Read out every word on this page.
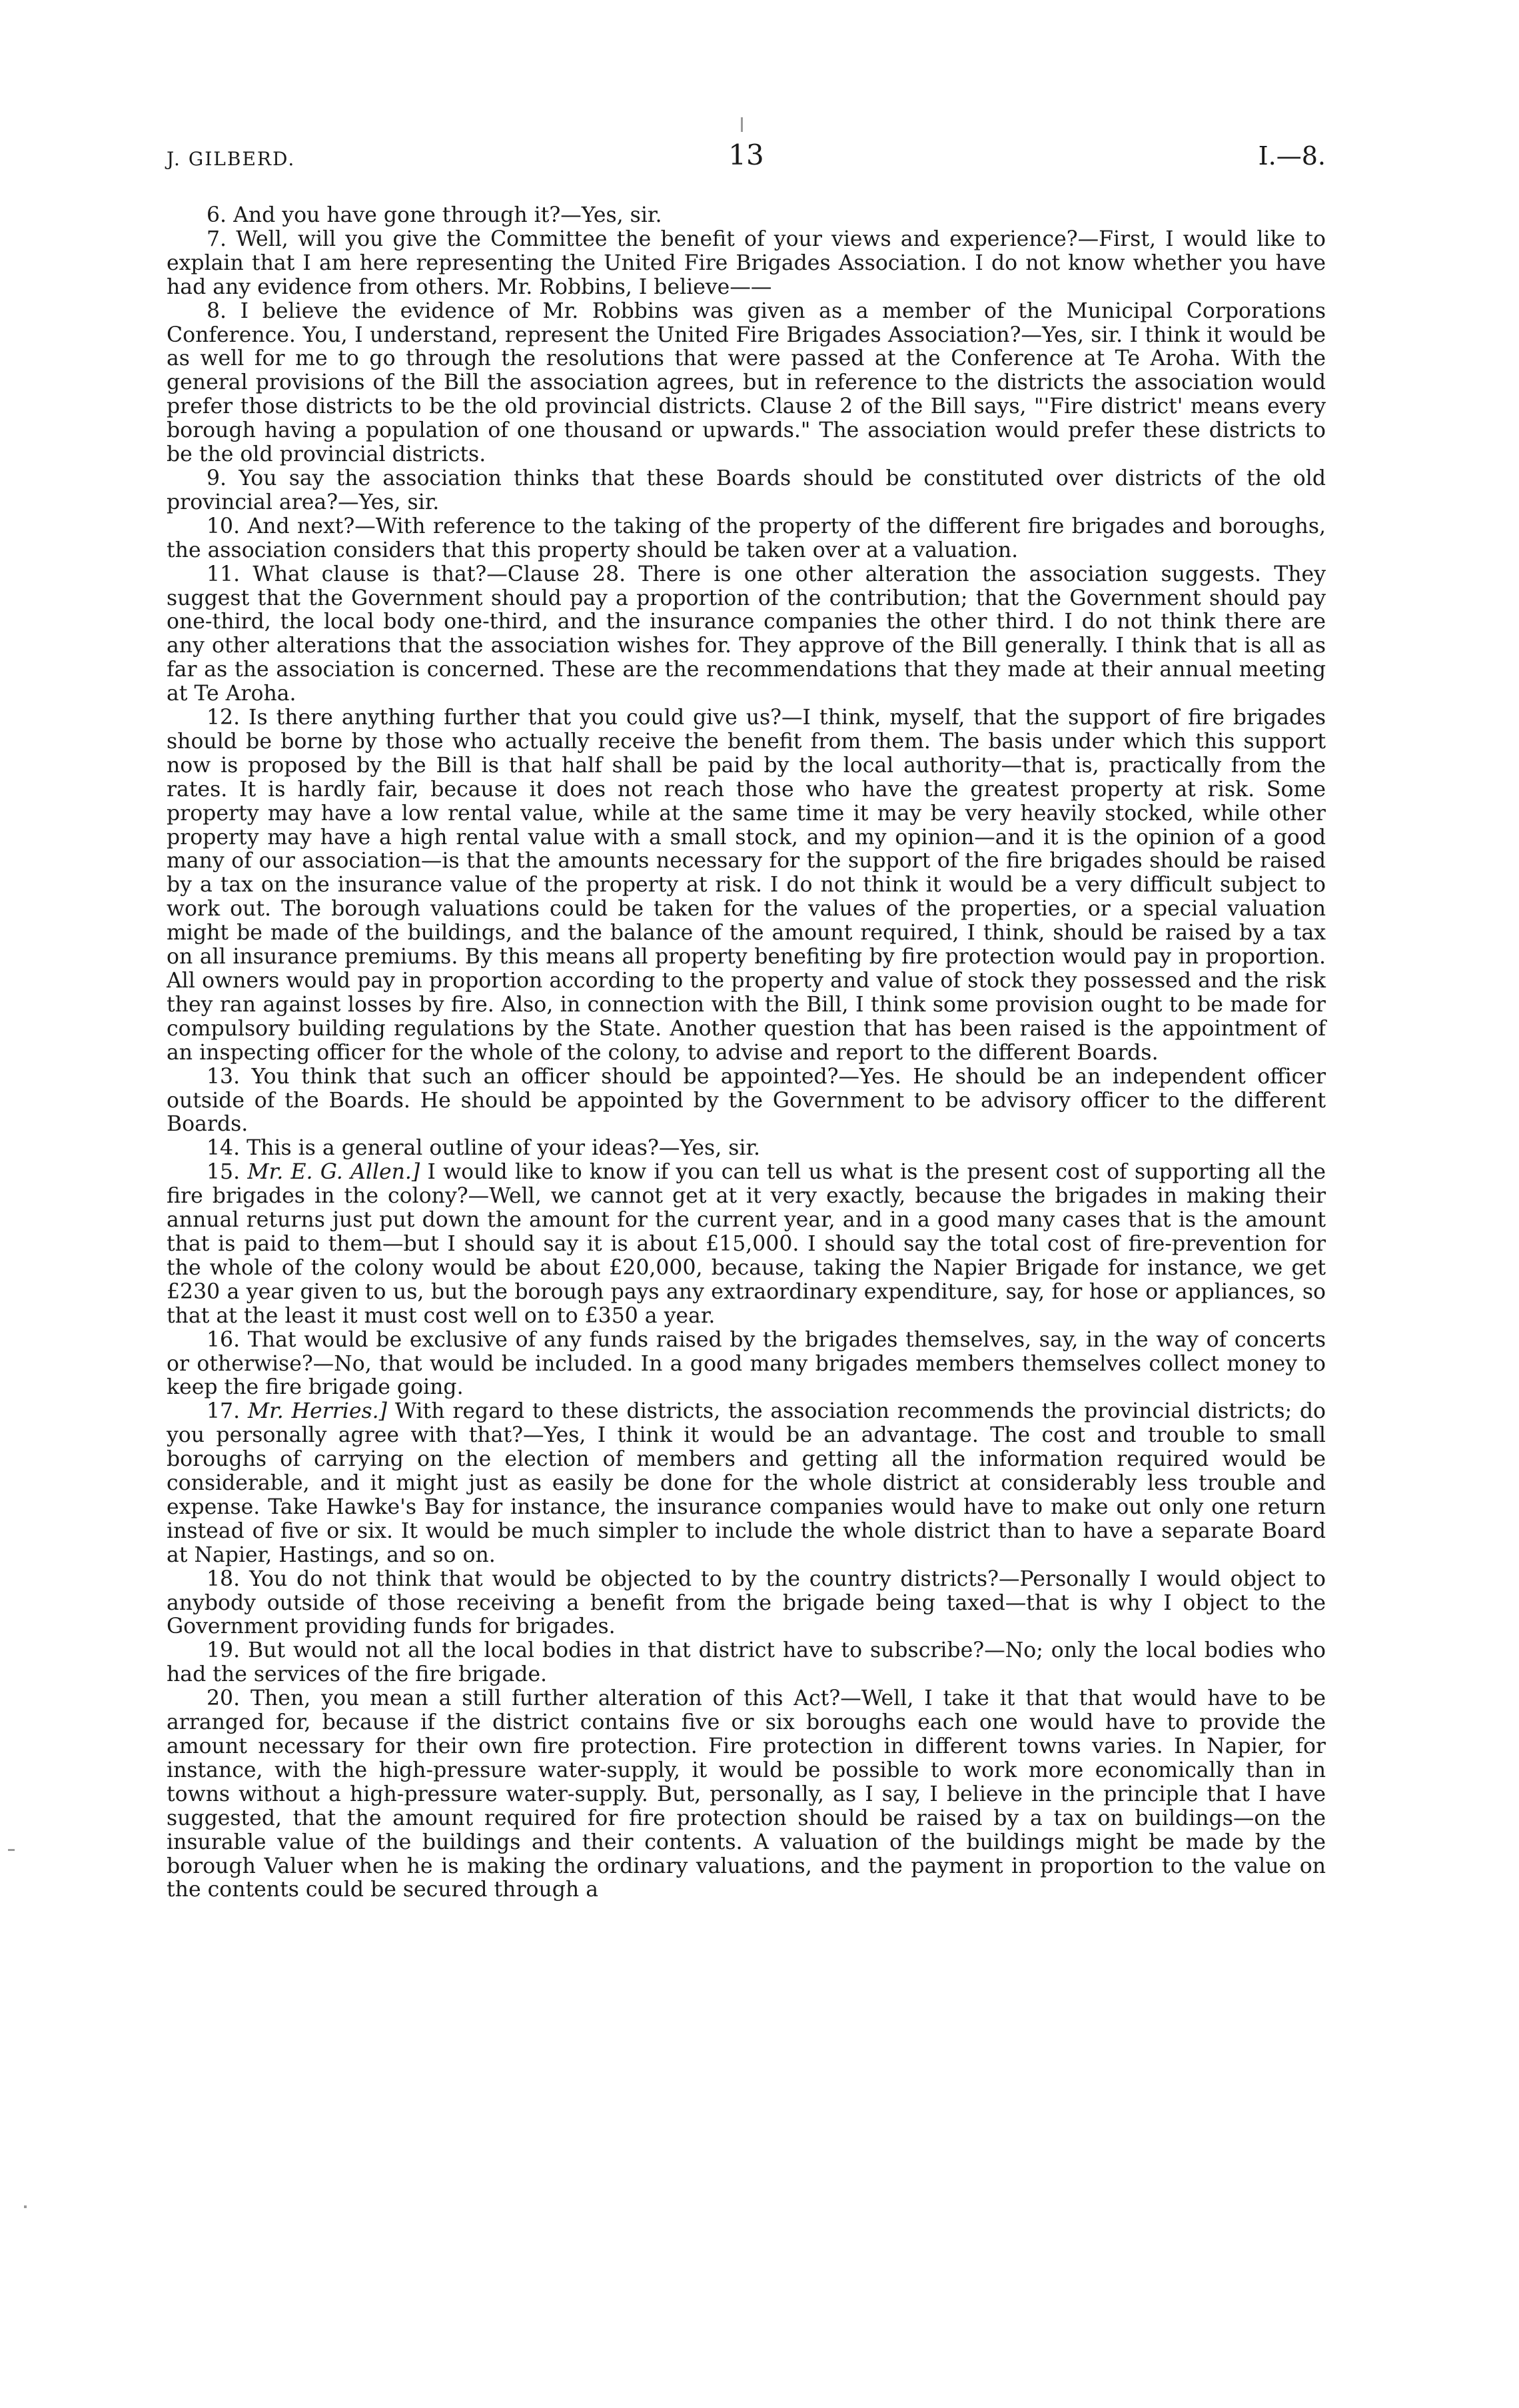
J. GILBERD.	13	I.—8.

6. And you have gone through it?—Yes, sir.

7. Well, will you give the Committee the benefit of your views and experience?—First, I would like to explain that I am here representing the United Fire Brigades Association. I do not know whether you have had any evidence from others. Mr. Robbins, I believe——

8. I believe the evidence of Mr. Robbins was given as a member of the Municipal Corporations Conference. You, I understand, represent the United Fire Brigades Association?—Yes, sir. I think it would be as well for me to go through the resolutions that were passed at the Conference at Te Aroha. With the general provisions of the Bill the association agrees, but in reference to the districts the association would prefer those districts to be the old provincial districts. Clause 2 of the Bill says, "'Fire district' means every borough having a population of one thousand or upwards." The association would prefer these districts to be the old provincial districts.

9. You say the association thinks that these Boards should be constituted over districts of the old provincial area?—Yes, sir.

10. And next?—With reference to the taking of the property of the different fire brigades and boroughs, the association considers that this property should be taken over at a valuation.

11. What clause is that?—Clause 28. There is one other alteration the association suggests. They suggest that the Government should pay a proportion of the contribution; that the Government should pay one-third, the local body one-third, and the insurance companies the other third. I do not think there are any other alterations that the association wishes for. They approve of the Bill generally. I think that is all as far as the association is concerned. These are the recommendations that they made at their annual meeting at Te Aroha.

12. Is there anything further that you could give us?—I think, myself, that the support of fire brigades should be borne by those who actually receive the benefit from them. The basis under which this support now is proposed by the Bill is that half shall be paid by the local authority—that is, practically from the rates. It is hardly fair, because it does not reach those who have the greatest property at risk. Some property may have a low rental value, while at the same time it may be very heavily stocked, while other property may have a high rental value with a small stock, and my opinion—and it is the opinion of a good many of our association—is that the amounts necessary for the support of the fire brigades should be raised by a tax on the insurance value of the property at risk. I do not think it would be a very difficult subject to work out. The borough valuations could be taken for the values of the properties, or a special valuation might be made of the buildings, and the balance of the amount required, I think, should be raised by a tax on all insurance premiums. By this means all property benefiting by fire protection would pay in proportion. All owners would pay in proportion according to the property and value of stock they possessed and the risk they ran against losses by fire. Also, in connection with the Bill, I think some provision ought to be made for compulsory building regulations by the State. Another question that has been raised is the appointment of an inspecting officer for the whole of the colony, to advise and report to the different Boards.

13. You think that such an officer should be appointed?—Yes. He should be an independent officer outside of the Boards. He should be appointed by the Government to be advisory officer to the different Boards.

14. This is a general outline of your ideas?—Yes, sir.

15. Mr. E. G. Allen.] I would like to know if you can tell us what is the present cost of supporting all the fire brigades in the colony?—Well, we cannot get at it very exactly, because the brigades in making their annual returns just put down the amount for the current year, and in a good many cases that is the amount that is paid to them—but I should say it is about £15,000. I should say the total cost of fire-prevention for the whole of the colony would be about £20,000, because, taking the Napier Brigade for instance, we get £230 a year given to us, but the borough pays any extraordinary expenditure, say, for hose or appliances, so that at the least it must cost well on to £350 a year.

16. That would be exclusive of any funds raised by the brigades themselves, say, in the way of concerts or otherwise?—No, that would be included. In a good many brigades members themselves collect money to keep the fire brigade going.

17. Mr. Herries.] With regard to these districts, the association recommends the provincial districts; do you personally agree with that?—Yes, I think it would be an advantage. The cost and trouble to small boroughs of carrying on the election of members and getting all the information required would be considerable, and it might just as easily be done for the whole district at considerably less trouble and expense. Take Hawke's Bay for instance, the insurance companies would have to make out only one return instead of five or six. It would be much simpler to include the whole district than to have a separate Board at Napier, Hastings, and so on.

18. You do not think that would be objected to by the country districts?—Personally I would object to anybody outside of those receiving a benefit from the brigade being taxed—that is why I object to the Government providing funds for brigades.

19. But would not all the local bodies in that district have to subscribe?—No; only the local bodies who had the services of the fire brigade.

20. Then, you mean a still further alteration of this Act?—Well, I take it that that would have to be arranged for, because if the district contains five or six boroughs each one would have to provide the amount necessary for their own fire protection. Fire protection in different towns varies. In Napier, for instance, with the high-pressure water-supply, it would be possible to work more economically than in towns without a high-pressure water-supply. But, personally, as I say, I believe in the principle that I have suggested, that the amount required for fire protection should be raised by a tax on buildings—on the insurable value of the buildings and their contents. A valuation of the buildings might be made by the borough Valuer when he is making the ordinary valuations, and the payment in proportion to the value on the contents could be secured through a
